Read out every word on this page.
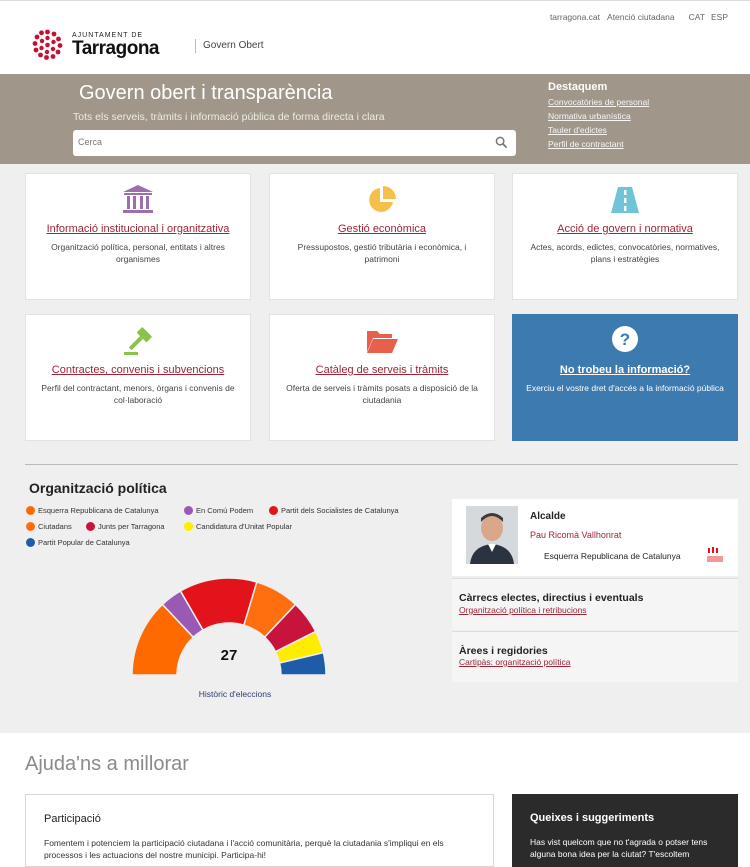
tarragona.cat Atenció ciutadana CAT ESP
AJUNTAMENT DE
Tarragona	Govern Obert
Govern obert i transparència
Tots els serveis, tràmits i informació pública de forma directa i clara
Cerca
Destaquem
Convocatòries de personal
Normativa urbanística
Tauler d'edictes
Perfil de contractant
Informació institucional i organitzativa
Organització política, personal, entitats i altres organismes
Gestió econòmica
Pressupostos, gestió tributària i econòmica, i patrimoni
Acció de govern i normativa
Actes, acords, edictes, convocatòries, normatives, plans i estratègies
Contractes, convenis i subvencions
Perfil del contractant, menors, òrgans i convenis de col·laboració
Catàleg de serveis i tràmits
Oferta de serveis i tràmits posats a disposició de la ciutadania
?
No trobeu la informació?
Exerciu el vostre dret d'accés a la informació pública
Organització política
Esquerra Republicana de Catalunya	En Comú Podem	Partit dels Socialistes de Catalunya
Ciutadans	Junts per Tarragona	Candidatura d'Unitat Popular
Partit Popular de Catalunya
27
Històric d'eleccions
Alcalde
Pau Ricomà Vallhonrat
Esquerra Republicana de Catalunya
Càrrecs electes, directius i eventuals
Organització política i retribucions
Àrees i regidories
Cartipàs: organització política
Ajuda'ns a millorar
Participació

Fomentem i potenciem la participació ciutadana i l'acció comunitària, perquè la ciutadania s'impliqui en els processos i les actuacions del nostre municipi. Participa-hi!

Queixes i suggeriments

Has vist quelcom que no t'agrada o potser tens alguna bona idea per la ciutat? T'escoltem
